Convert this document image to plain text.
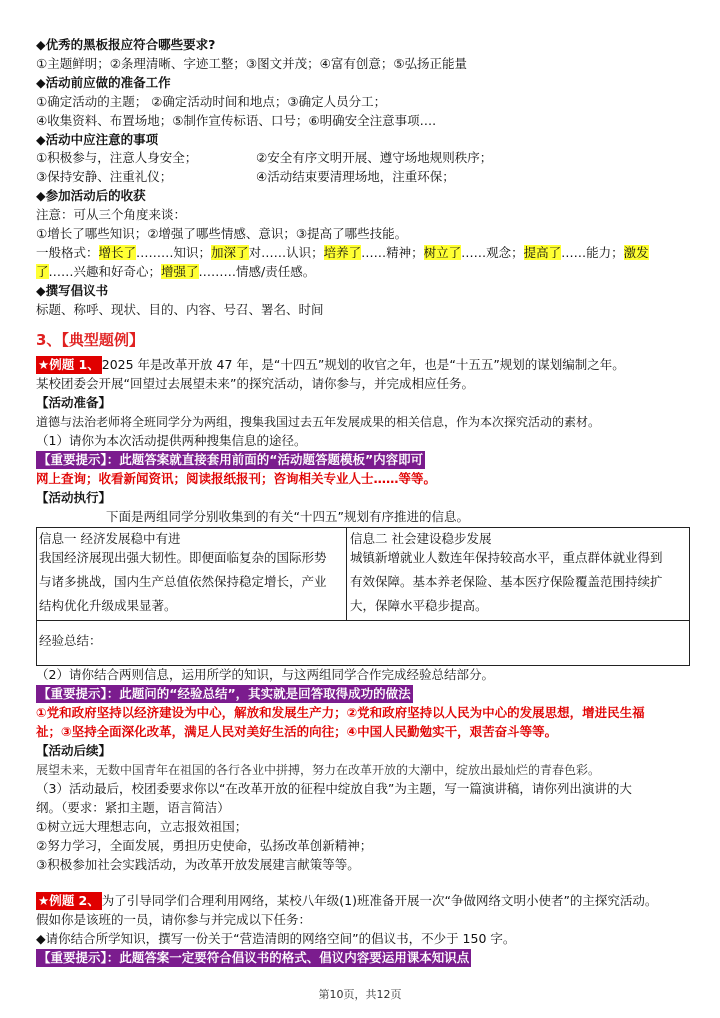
◆优秀的黑板报应符合哪些要求?
①主题鲜明；②条理清晰、字迹工整；③图文并茂；④富有创意；⑤弘扬正能量
◆活动前应做的准备工作
①确定活动的主题； ②确定活动时间和地点；③确定人员分工；
④收集资料、布置场地；⑤制作宣传标语、口号；⑥明确安全注意事项….
◆活动中应注意的事项
①积极参与，注意人身安全；	②安全有序文明开展、遵守场地规则秩序；
③保持安静、注重礼仪；	④活动结束要清理场地，注重环保；
◆参加活动后的收获
注意：可从三个角度来谈：
①增长了哪些知识；②增强了哪些情感、意识；③提高了哪些技能。
一般格式：增长了………知识；加深了对……认识；培养了……精神；树立了……观念；提高了……能力；激发
了……兴趣和好奇心；增强了………情感/责任感。
◆撰写倡议书
标题、称呼、现状、目的、内容、号召、署名、时间
3、【典型题例】
★例题 1、 2025 年是改革开放 47 年，是“十四五”规划的收官之年，也是“十五五”规划的谋划编制之年。
某校团委会开展“回望过去展望未来”的探究活动，请你参与，并完成相应任务。
【活动准备】
道德与法治老师将全班同学分为两组，搜集我国过去五年发展成果的相关信息，作为本次探究活动的素材。
（1）请你为本次活动提供两种搜集信息的途径。
【重要提示】：此题答案就直接套用前面的“活动题答题模板”内容即可
网上查询；收看新闻资讯；阅读报纸报刊；咨询相关专业人士……等等。
【活动执行】
下面是两组同学分别收集到的有关“十四五”规划有序推进的信息。
信息一 经济发展稳中有进
我国经济展现出强大韧性。即便面临复杂的国际形势
与诸多挑战，国内生产总值依然保持稳定增长，产业
结构优化升级成果显著。
信息二 社会建设稳步发展
城镇新增就业人数连年保持较高水平，重点群体就业得到
有效保障。基本养老保险、基本医疗保险覆盖范围持续扩
大，保障水平稳步提高。
经验总结：
（2）请你结合两则信息，运用所学的知识，与这两组同学合作完成经验总结部分。
【重要提示】：此题问的“经验总结”，其实就是回答取得成功的做法
①党和政府坚持以经济建设为中心，解放和发展生产力；②党和政府坚持以人民为中心的发展思想，增进民生福
祉；③坚持全面深化改革，满足人民对美好生活的向往；④中国人民勤勉实干，艰苦奋斗等等。
【活动后续】
展望未来，无数中国青年在祖国的各行各业中拼搏，努力在改革开放的大潮中，绽放出最灿烂的青春色彩。
（3）活动最后，校团委要求你以“在改革开放的征程中绽放自我”为主题，写一篇演讲稿，请你列出演讲的大
纲。（要求：紧扣主题，语言简洁）
①树立远大理想志向，立志报效祖国；
②努力学习，全面发展，勇担历史使命，弘扬改革创新精神；
③积极参加社会实践活动，为改革开放发展建言献策等等。
★例题 2、 为了引导同学们合理利用网络，某校八年级(1)班准备开展一次“争做网络文明小使者”的主探究活动。
假如你是该班的一员，请你参与并完成以下任务：
◆请你结合所学知识，撰写一份关于“营造清朗的网络空间”的倡议书，不少于 150 字。
【重要提示】：此题答案一定要符合倡议书的格式、倡议内容要运用课本知识点
第10页，共12页
